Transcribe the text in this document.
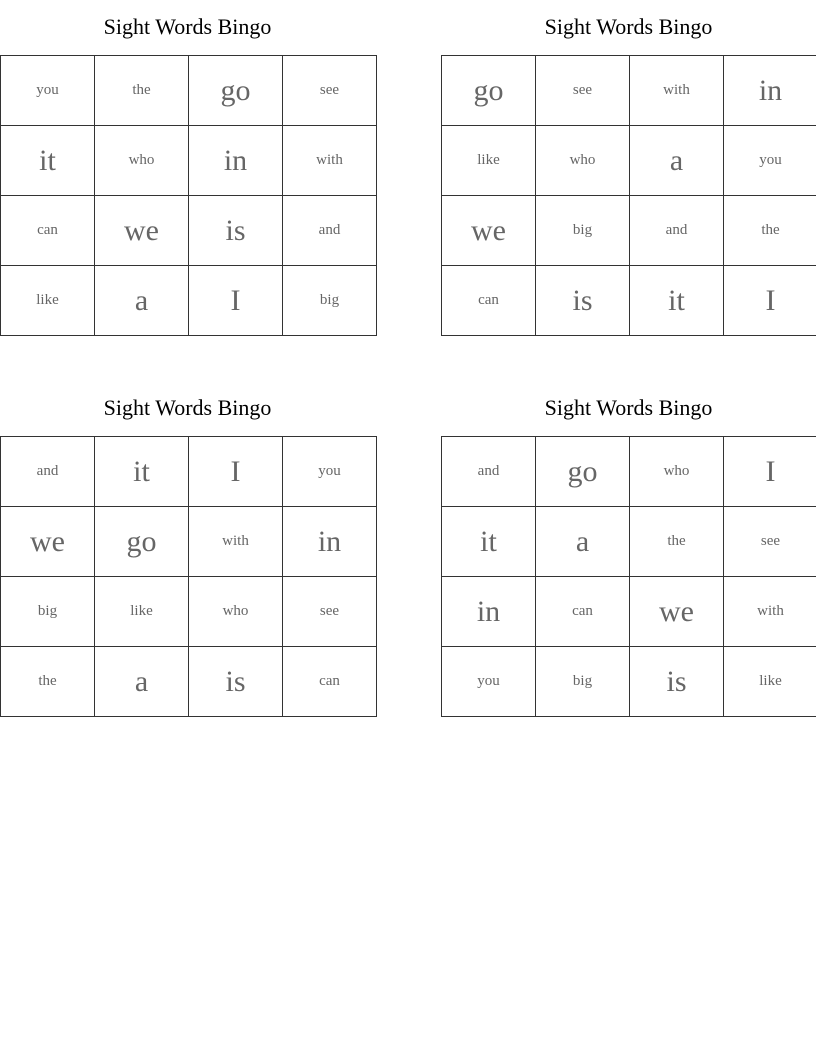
Sight Words Bingo
you	the	go	see
it	who	in	with
can	we	is	and
like	a	I	big
Sight Words Bingo
go	see	with	in
like	who	a	you
we	big	and	the
can	is	it	I
Sight Words Bingo
and	it	I	you
we	go	with	in
big	like	who	see
the	a	is	can
Sight Words Bingo
and	go	who	I
it	a	the	see
in	can	we	with
you	big	is	like
